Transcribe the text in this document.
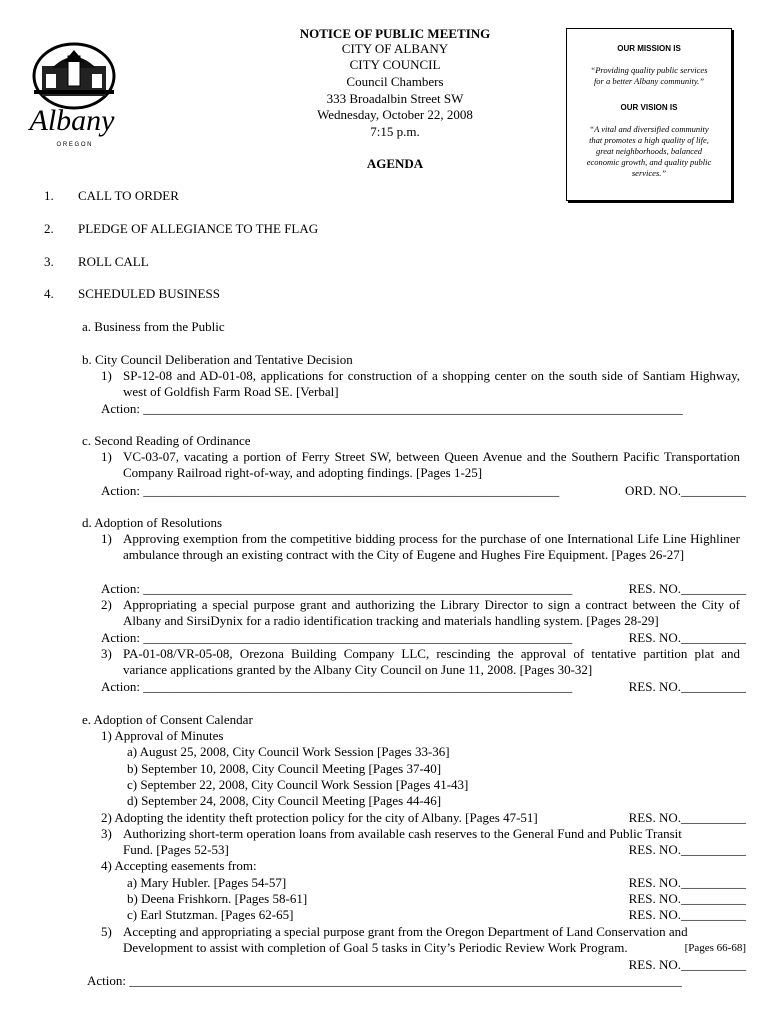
Albany
O R E G O N
NOTICE OF PUBLIC MEETING
CITY OF ALBANY
CITY COUNCIL
Council Chambers
333 Broadalbin Street SW
Wednesday, October 22, 2008
7:15 p.m.
AGENDA
OUR MISSION IS
“Providing quality public services
for a better Albany community.”
OUR VISION IS
“A vital and diversified community
that promotes a high quality of life,
great neighborhoods, balanced
economic growth, and quality public
services.”
1. CALL TO ORDER
2. PLEDGE OF ALLEGIANCE TO THE FLAG
3. ROLL CALL
4. SCHEDULED BUSINESS
a. Business from the Public
b. City Council Deliberation and Tentative Decision
1) SP-12-08 and AD-01-08, applications for construction of a shopping center on the south side of Santiam Highway, west of Goldfish Farm Road SE. [Verbal]
Action: ___________________________________________________________________________________
c. Second Reading of Ordinance
1) VC-03-07, vacating a portion of Ferry Street SW, between Queen Avenue and the Southern Pacific Transportation Company Railroad right-of-way, and adopting findings. [Pages 1-25]
Action: ________________________________________________________________	ORD. NO.__________
d. Adoption of Resolutions
1) Approving exemption from the competitive bidding process for the purchase of one International Life Line Highliner ambulance through an existing contract with the City of Eugene and Hughes Fire Equipment. [Pages 26-27]
Action: __________________________________________________________________	RES. NO.__________
2) Appropriating a special purpose grant and authorizing the Library Director to sign a contract between the City of Albany and SirsiDynix for a radio identification tracking and materials handling system. [Pages 28-29]
Action: __________________________________________________________________	RES. NO.__________
3) PA-01-08/VR-05-08, Orezona Building Company LLC, rescinding the approval of tentative partition plat and variance applications granted by the Albany City Council on June 11, 2008. [Pages 30-32]
Action: __________________________________________________________________	RES. NO.__________
e. Adoption of Consent Calendar
1) Approval of Minutes
a) August 25, 2008, City Council Work Session [Pages 33-36]
b) September 10, 2008, City Council Meeting [Pages 37-40]
c) September 22, 2008, City Council Work Session [Pages 41-43]
d) September 24, 2008, City Council Meeting [Pages 44-46]
2) Adopting the identity theft protection policy for the city of Albany. [Pages 47-51]	RES. NO.__________
3) Authorizing short-term operation loans from available cash reserves to the General Fund and Public Transit
Fund. [Pages 52-53]	RES. NO.__________
4) Accepting easements from:
a) Mary Hubler. [Pages 54-57]	RES. NO.__________
b) Deena Frishkorn. [Pages 58-61]	RES. NO.__________
c) Earl Stutzman. [Pages 62-65]	RES. NO.__________
5) Accepting and appropriating a special purpose grant from the Oregon Department of Land Conservation and
Development to assist with completion of Goal 5 tasks in City’s Periodic Review Work Program.	[Pages 66-68]
RES. NO.__________
Action: _____________________________________________________________________________________
